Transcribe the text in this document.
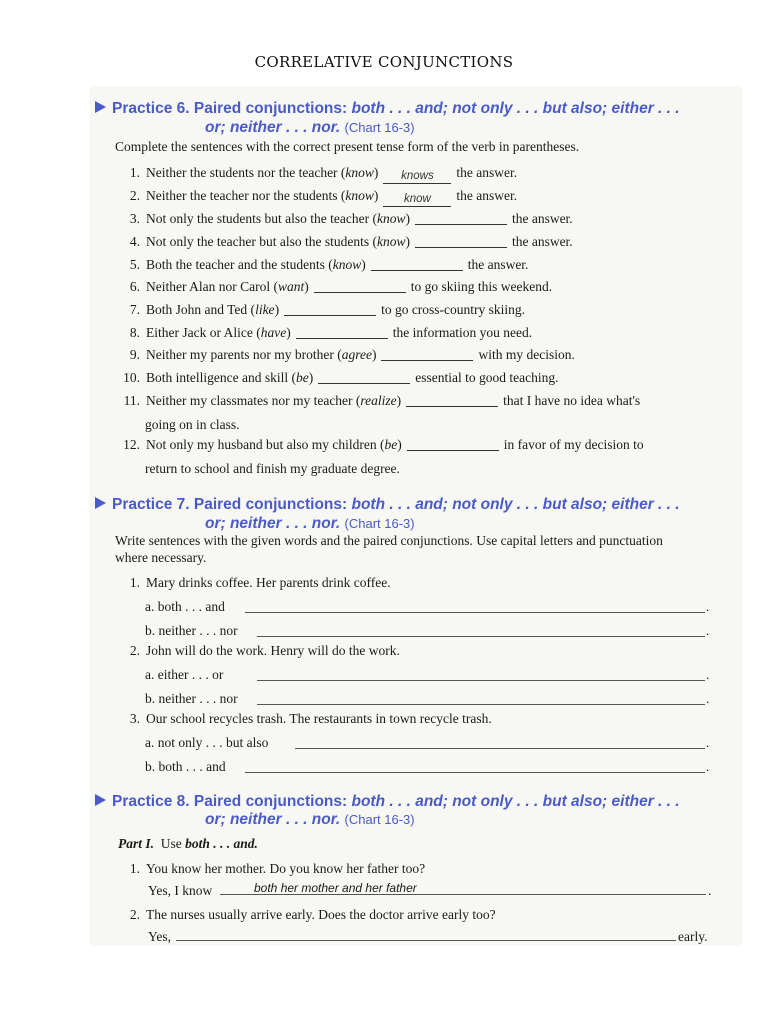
CORRELATIVE CONJUNCTIONS
Practice 6. Paired conjunctions: both . . . and; not only . . . but also; either . . .
or; neither . . . nor. (Chart 16-3)
Complete the sentences with the correct present tense form of the verb in parentheses.
1. Neither the students nor the teacher (know) knows the answer.
2. Neither the teacher nor the students (know) know the answer.
3. Not only the students but also the teacher (know)	the answer.
4. Not only the teacher but also the students (know)	the answer.
5. Both the teacher and the students (know)	the answer.
6. Neither Alan nor Carol (want)	to go skiing this weekend.
7. Both John and Ted (like)	to go cross-country skiing.
8. Either Jack or Alice (have)	the information you need.
9. Neither my parents nor my brother (agree)	with my decision.
10. Both intelligence and skill (be)	essential to good teaching.
11. Neither my classmates nor my teacher (realize)	that I have no idea what's
12. Not only my husband but also my children (be)	in favor of my decision to
going on in class.
return to school and finish my graduate degree.
Practice 7. Paired conjunctions: both . . . and; not only . . . but also; either . . .
or; neither . . . nor. (Chart 16-3)
Write sentences with the given words and the paired conjunctions. Use capital letters and punctuation where necessary.
1. Mary drinks coffee. Her parents drink coffee.
a. both . . . and	.
b. neither . . . nor	.
2. John will do the work. Henry will do the work.
a. either . . . or	.
b. neither . . . nor	.
3. Our school recycles trash. The restaurants in town recycle trash.
a. not only . . . but also	.
b. both . . . and	.
Practice 8. Paired conjunctions: both . . . and; not only . . . but also; either . . .
or; neither . . . nor. (Chart 16-3)
Part I. Use both . . . and.
1. You know her mother. Do you know her father too?
Yes, I know	both her mother and her father	.
2. The nurses usually arrive early. Does the doctor arrive early too?
Yes,	early.
